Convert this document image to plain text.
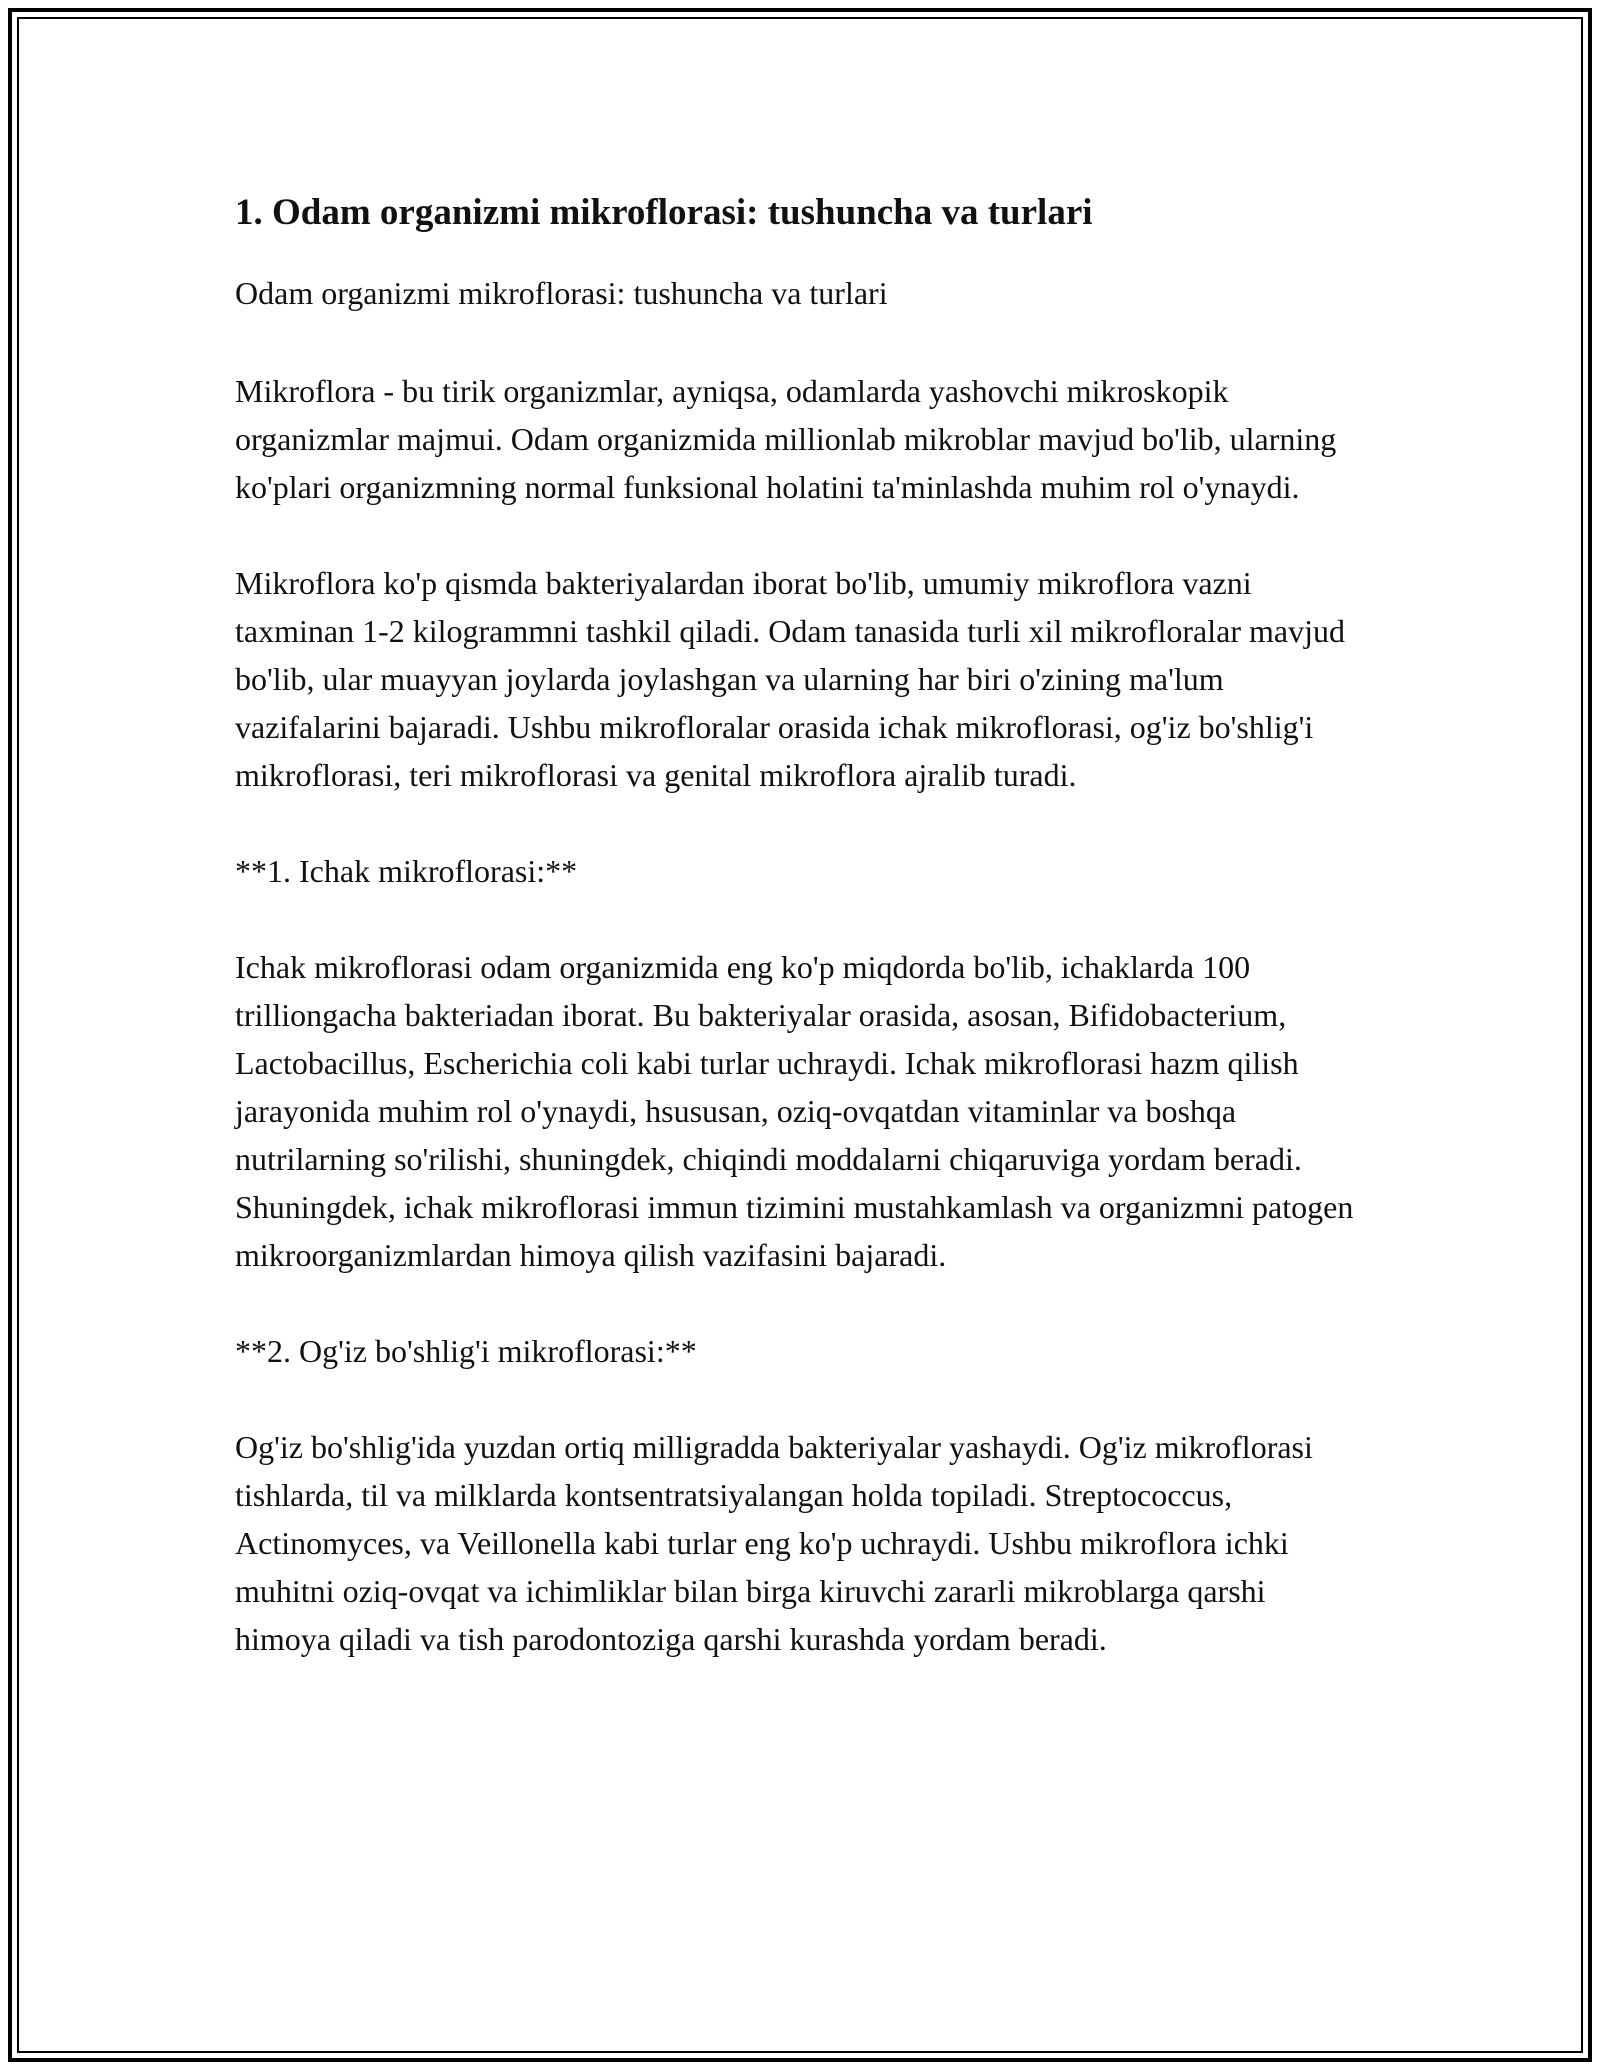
1. Odam organizmi mikroflorasi: tushuncha va turlari

Odam organizmi mikroflorasi: tushuncha va turlari

Mikroflora - bu tirik organizmlar, ayniqsa, odamlarda yashovchi mikroskopik organizmlar majmui. Odam organizmida millionlab mikroblar mavjud bo'lib, ularning ko'plari organizmning normal funksional holatini ta'minlashda muhim rol o'ynaydi.

Mikroflora ko'p qismda bakteriyalardan iborat bo'lib, umumiy mikroflora vazni taxminan 1-2 kilogrammni tashkil qiladi. Odam tanasida turli xil mikrofloralar mavjud bo'lib, ular muayyan joylarda joylashgan va ularning har biri o'zining ma'lum vazifalarini bajaradi. Ushbu mikrofloralar orasida ichak mikroflorasi, og'iz bo'shlig'i mikroflorasi, teri mikroflorasi va genital mikroflora ajralib turadi.

**1. Ichak mikroflorasi:**

Ichak mikroflorasi odam organizmida eng ko'p miqdorda bo'lib, ichaklarda 100 trilliongacha bakteriadan iborat. Bu bakteriyalar orasida, asosan, Bifidobacterium, Lactobacillus, Escherichia coli kabi turlar uchraydi. Ichak mikroflorasi hazm qilish jarayonida muhim rol o'ynaydi, hsususan, oziq-ovqatdan vitaminlar va boshqa nutrilarning so'rilishi, shuningdek, chiqindi moddalarni chiqaruviga yordam beradi. Shuningdek, ichak mikroflorasi immun tizimini mustahkamlash va organizmni patogen mikroorganizmlardan himoya qilish vazifasini bajaradi.

**2. Og'iz bo'shlig'i mikroflorasi:**

Og'iz bo'shlig'ida yuzdan ortiq milligradda bakteriyalar yashaydi. Og'iz mikroflorasi tishlarda, til va milklarda kontsentratsiyalangan holda topiladi. Streptococcus, Actinomyces, va Veillonella kabi turlar eng ko'p uchraydi. Ushbu mikroflora ichki muhitni oziq-ovqat va ichimliklar bilan birga kiruvchi zararli mikroblarga qarshi himoya qiladi va tish parodontoziga qarshi kurashda yordam beradi.
